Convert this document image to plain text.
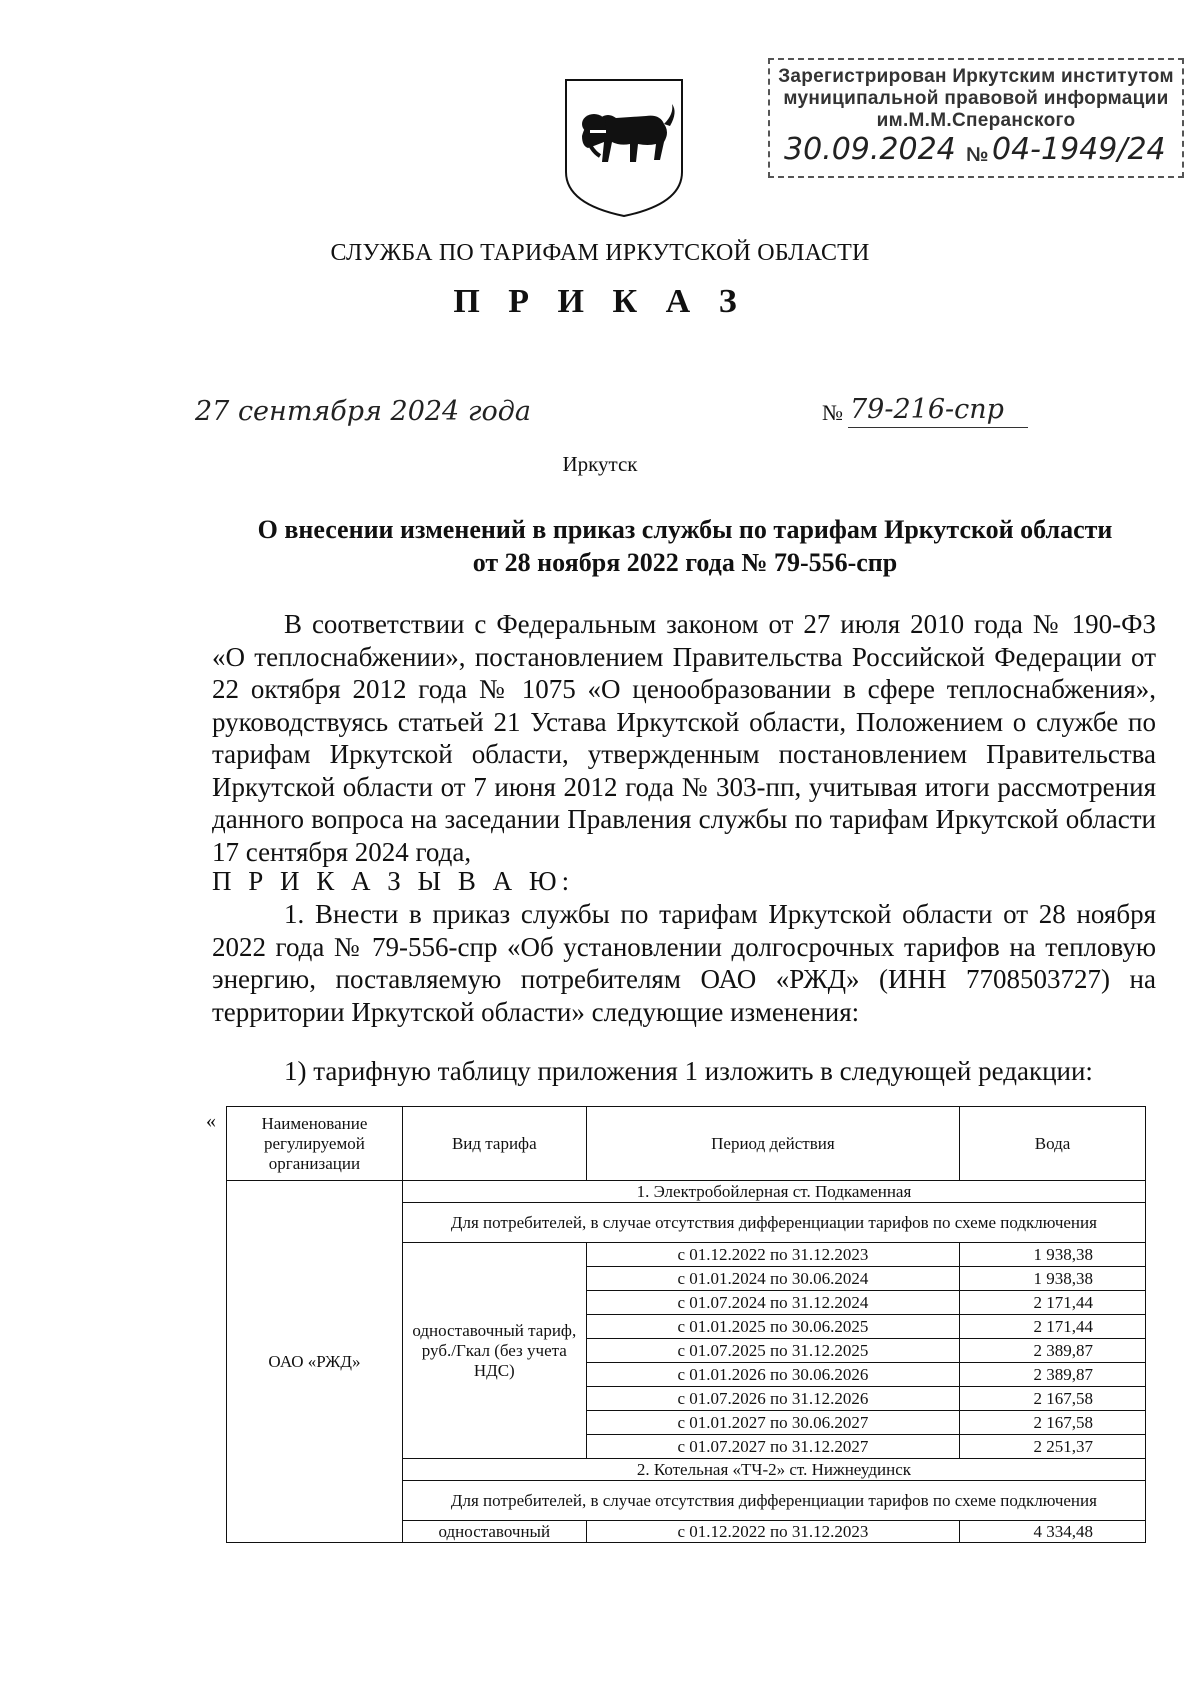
Зарегистрирован Иркутским институтом
муниципальной правовой информации
им.М.М.Сперанского
30.09.2024 № 04-1949/24
СЛУЖБА ПО ТАРИФАМ ИРКУТСКОЙ ОБЛАСТИ
П Р И К А З
27 сентября 2024 года	№ 79-216-спр
Иркутск
О внесении изменений в приказ службы по тарифам Иркутской области
от 28 ноября 2022 года № 79-556-спр
В соответствии с Федеральным законом от 27 июля 2010 года № 190-ФЗ «О теплоснабжении», постановлением Правительства Российской Федерации от 22 октября 2012 года № 1075 «О ценообразовании в сфере теплоснабжения», руководствуясь статьей 21 Устава Иркутской области, Положением о службе по тарифам Иркутской области, утвержденным постановлением Правительства Иркутской области от 7 июня 2012 года № 303-пп, учитывая итоги рассмотрения данного вопроса на заседании Правления службы по тарифам Иркутской области 17 сентября 2024 года,
П Р И К А З Ы В А Ю:
1. Внести в приказ службы по тарифам Иркутской области от 28 ноября 2022 года № 79-556-спр «Об установлении долгосрочных тарифов на тепловую энергию, поставляемую потребителям ОАО «РЖД» (ИНН 7708503727) на территории Иркутской области» следующие изменения:
1) тарифную таблицу приложения 1 изложить в следующей редакции:
«	Наименование регулируемой организации	Вид тарифа	Период действия	Вода
ОАО «РЖД»	1. Электробойлерная ст. Подкаменная		
	Для потребителей, в случае отсутствия дифференциации тарифов по схеме подключения		
	одноставочный тариф, руб./Гкал (без учета НДС)	с 01.12.2022 по 31.12.2023	1 938,38
		с 01.01.2024 по 30.06.2024	1 938,38
		с 01.07.2024 по 31.12.2024	2 171,44
		с 01.01.2025 по 30.06.2025	2 171,44
		с 01.07.2025 по 31.12.2025	2 389,87
		с 01.01.2026 по 30.06.2026	2 389,87
		с 01.07.2026 по 31.12.2026	2 167,58
		с 01.01.2027 по 30.06.2027	2 167,58
		с 01.07.2027 по 31.12.2027	2 251,37
	2. Котельная «ТЧ-2» ст. Нижнеудинск		
	Для потребителей, в случае отсутствия дифференциации тарифов по схеме подключения		
	одноставочный	с 01.12.2022 по 31.12.2023	4 334,48
